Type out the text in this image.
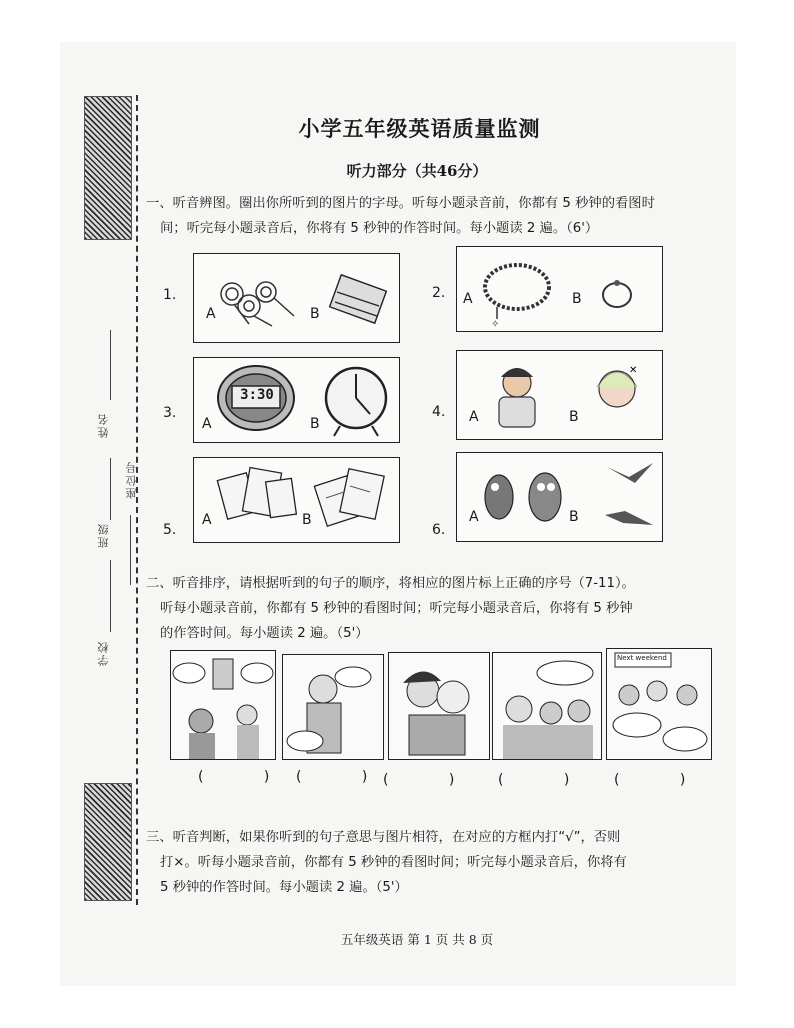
学校
班级
姓名
座位号
小学五年级英语质量监测
听力部分（共46分）
一、听音辨图。圈出你所听到的图片的字母。听每小题录音前，你都有 5 秒钟的看图时
间；听完每小题录音后，你将有 5 秒钟的作答时间。每小题读 2 遍。（6'）
1.
A	B
2.
✧
A	B
3.
3:30
A	B
4.
✕
A	B
5.
A	B
6.
A	B
二、听音排序，请根据听到的句子的顺序，将相应的图片标上正确的序号（7-11）。
听每小题录音前，你都有 5 秒钟的看图时间；听完每小题录音后，你将有 5 秒钟
的作答时间。每小题读 2 遍。（5'）
Next weekend
( )
( )
( ) ( ) ( )
三、听音判断，如果你听到的句子意思与图片相符，在对应的方框内打“√”，否则
打×。听每小题录音前，你都有 5 秒钟的看图时间；听完每小题录音后，你将有
5 秒钟的作答时间。每小题读 2 遍。（5'）
五年级英语 第 1 页 共 8 页
